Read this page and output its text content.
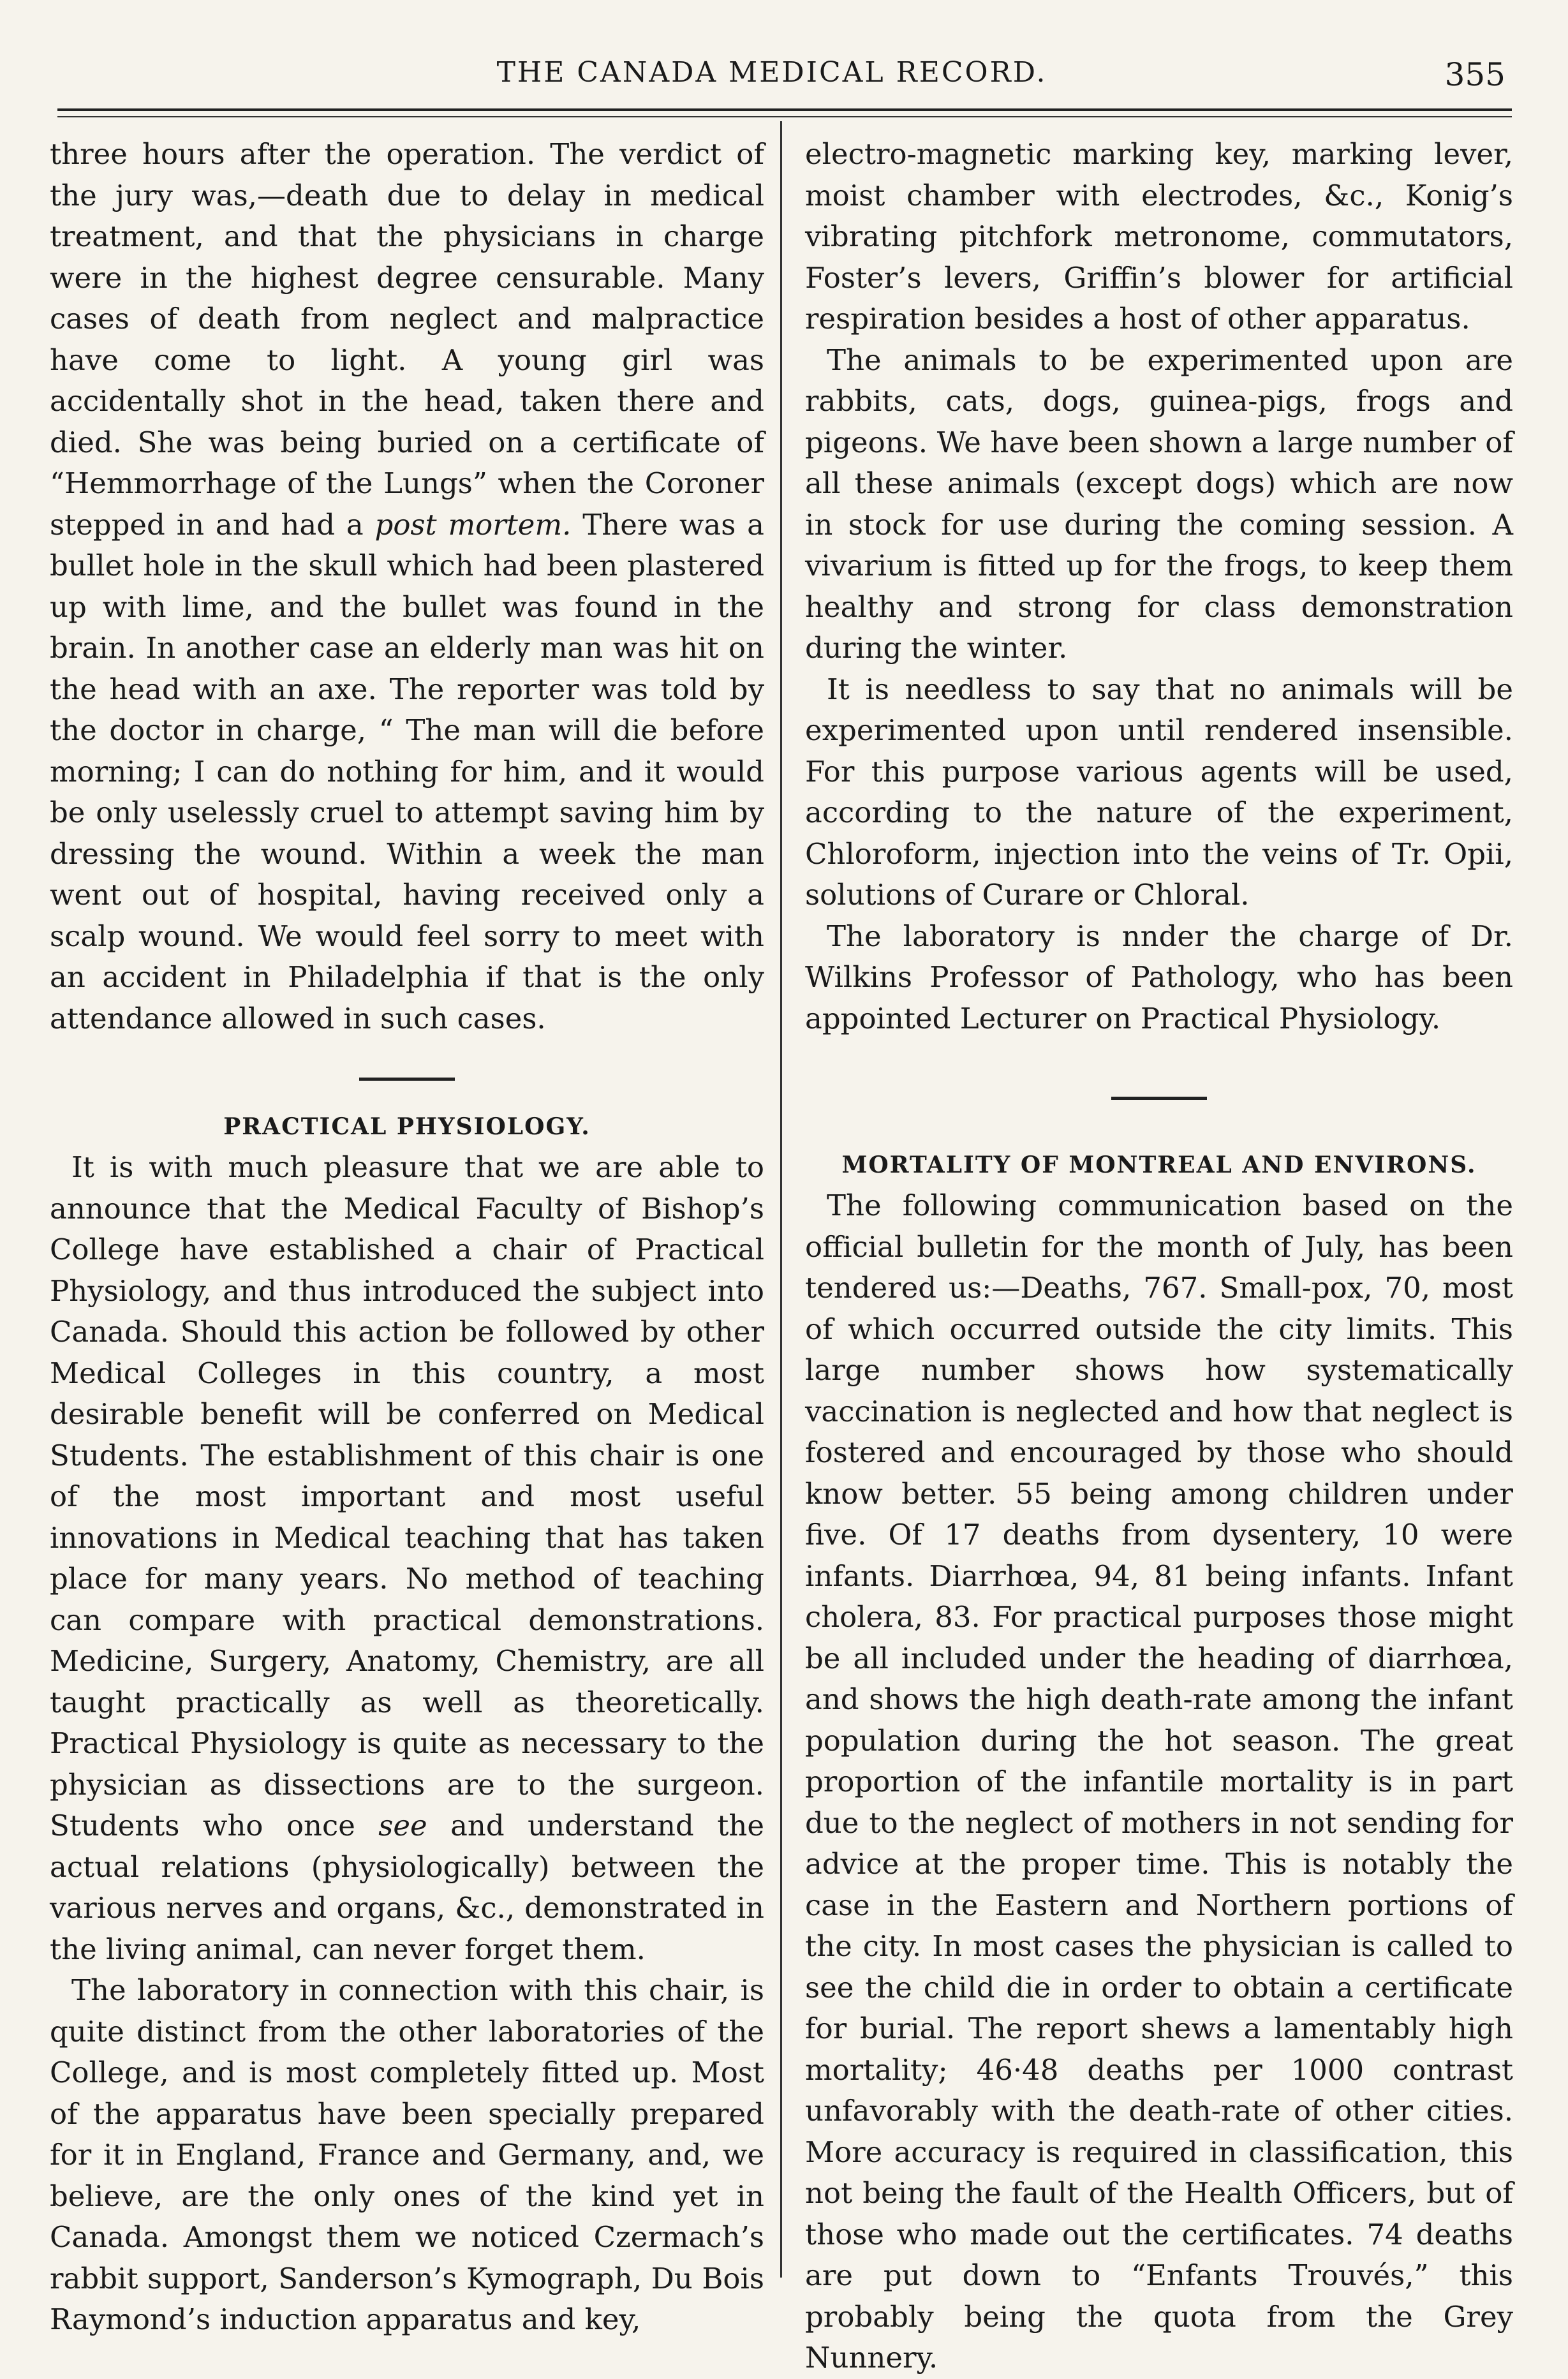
THE CANADA MEDICAL RECORD.	355

three hours after the operation. The verdict of the jury was,—death due to delay in medical treatment, and that the physicians in charge were in the highest degree censurable. Many cases of death from neglect and malpractice have come to light. A young girl was accidentally shot in the head, taken there and died. She was being buried on a certificate of “Hemmorrhage of the Lungs” when the Coroner stepped in and had a post mortem. There was a bullet hole in the skull which had been plastered up with lime, and the bullet was found in the brain. In another case an elderly man was hit on the head with an axe. The reporter was told by the doctor in charge, “ The man will die before morning; I can do nothing for him, and it would be only uselessly cruel to attempt saving him by dressing the wound. Within a week the man went out of hospital, having received only a scalp wound. We would feel sorry to meet with an accident in Philadelphia if that is the only attendance allowed in such cases.

PRACTICAL PHYSIOLOGY.

It is with much pleasure that we are able to announce that the Medical Faculty of Bishop’s College have established a chair of Practical Physiology, and thus introduced the subject into Canada. Should this action be followed by other Medical Colleges in this country, a most desirable benefit will be conferred on Medical Students. The establishment of this chair is one of the most important and most useful innovations in Medical teaching that has taken place for many years. No method of teaching can compare with practical demonstrations. Medicine, Surgery, Anatomy, Chemistry, are all taught practically as well as theoretically. Practical Physiology is quite as necessary to the physician as dissections are to the surgeon. Students who once see and understand the actual relations (physiologically) between the various nerves and organs, &c., demonstrated in the living animal, can never forget them.

The laboratory in connection with this chair, is quite distinct from the other laboratories of the College, and is most completely fitted up. Most of the apparatus have been specially prepared for it in England, France and Germany, and, we believe, are the only ones of the kind yet in Canada. Amongst them we noticed Czermach’s rabbit support, Sanderson’s Kymograph, Du Bois Raymond’s induction apparatus and key,

electro-magnetic marking key, marking lever, moist chamber with electrodes, &c., Konig’s vibrating pitchfork metronome, commutators, Foster’s levers, Griffin’s blower for artificial respiration besides a host of other apparatus.

The animals to be experimented upon are rabbits, cats, dogs, guinea-pigs, frogs and pigeons. We have been shown a large number of all these animals (except dogs) which are now in stock for use during the coming session. A vivarium is fitted up for the frogs, to keep them healthy and strong for class demonstration during the winter.

It is needless to say that no animals will be experimented upon until rendered insensible. For this purpose various agents will be used, according to the nature of the experiment, Chloroform, injection into the veins of Tr. Opii, solutions of Curare or Chloral.

The laboratory is nnder the charge of Dr. Wilkins Professor of Pathology, who has been appointed Lecturer on Practical Physiology.

MORTALITY OF MONTREAL AND ENVIRONS.

The following communication based on the official bulletin for the month of July, has been tendered us:—Deaths, 767. Small-pox, 70, most of which occurred outside the city limits. This large number shows how systematically vaccination is neglected and how that neglect is fostered and encouraged by those who should know better. 55 being among children under five. Of 17 deaths from dysentery, 10 were infants. Diarrhœa, 94, 81 being infants. Infant cholera, 83. For practical purposes those might be all included under the heading of diarrhœa, and shows the high death-rate among the infant population during the hot season. The great proportion of the infantile mortality is in part due to the neglect of mothers in not sending for advice at the proper time. This is notably the case in the Eastern and Northern portions of the city. In most cases the physician is called to see the child die in order to obtain a certificate for burial. The report shews a lamentably high mortality; 46·48 deaths per 1000 contrast unfavorably with the death-rate of other cities. More accuracy is required in classification, this not being the fault of the Health Officers, but of those who made out the certificates. 74 deaths are put down to “Enfants Trouvés,” this probably being the quota from the Grey Nunnery.
